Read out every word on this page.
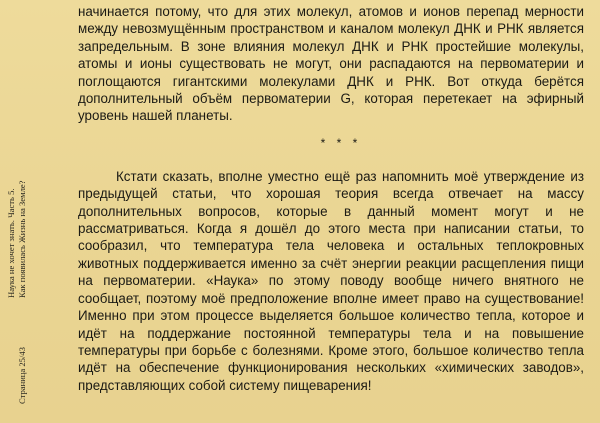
Страница 25/43
Наука не хочет знать. Часть 5. Как появилась Жизнь на Земле?

начинается потому, что для этих молекул, атомов и ионов перепад мерности между невозмущённым пространством и каналом молекул ДНК и РНК является запредельным. В зоне влияния молекул ДНК и РНК простейшие молекулы, атомы и ионы существовать не могут, они распадаются на первоматерии и поглощаются гигантскими молекулами ДНК и РНК. Вот откуда берётся дополнительный объём первоматерии G, которая перетекает на эфирный уровень нашей планеты.

* * *

Кстати сказать, вполне уместно ещё раз напомнить моё утверждение из предыдущей статьи, что хорошая теория всегда отвечает на массу дополнительных вопросов, которые в данный момент могут и не рассматриваться. Когда я дошёл до этого места при написании статьи, то сообразил, что температура тела человека и остальных теплокровных животных поддерживается именно за счёт энергии реакции расщепления пищи на первоматерии. «Наука» по этому поводу вообще ничего внятного не сообщает, поэтому моё предположение вполне имеет право на существование! Именно при этом процессе выделяется большое количество тепла, которое и идёт на поддержание постоянной температуры тела и на повышение температуры при борьбе с болезнями. Кроме этого, большое количество тепла идёт на обеспечение функционирования нескольких «химических заводов», представляющих собой систему пищеварения!
